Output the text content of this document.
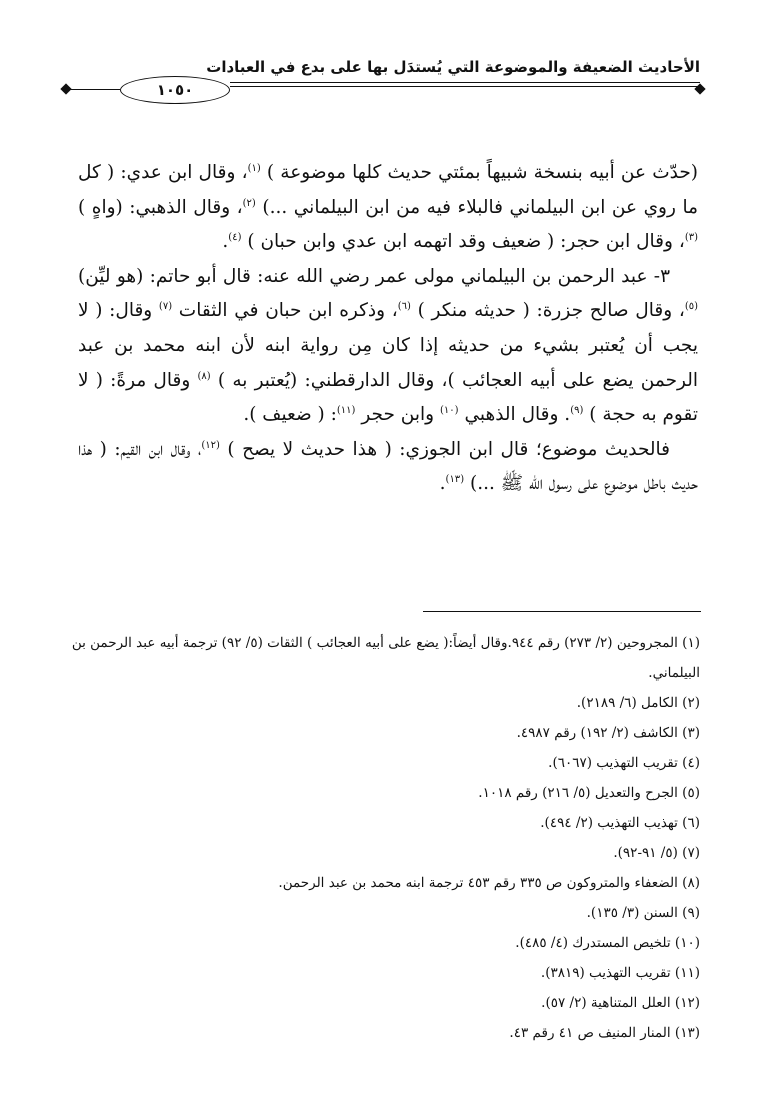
الأحاديث الضعيفة والموضوعة التي يُستدَل بها على بدع في العبادات
١٠٥٠

(حدّث عن أبيه بنسخة شبيهاً بمئتي حديث كلها موضوعة ) $^{(١)}$، وقال ابن عدي: ( كل ما روي عن ابن البيلماني فالبلاء فيه من ابن البيلماني ...) $^{(٢)}$، وقال الذهبي: (واهٍ ) $^{(٣)}$، وقال ابن حجر: ( ضعيف وقد اتهمه ابن عدي وابن حبان ) $^{(٤)}$.

٣- عبد الرحمن بن البيلماني مولى عمر رضي الله عنه: قال أبو حاتم: (هو ليِّن)$^{(٥)}$، وقال صالح جزرة: ( حديثه منكر ) $^{(٦)}$، وذكره ابن حبان في الثقات $^{(٧)}$ وقال: ( لا يجب أن يُعتبر بشيء من حديثه إذا كان مِن رواية ابنه لأن ابنه محمد بن عبد الرحمن يضع على أبيه العجائب )، وقال الدارقطني: (يُعتبر به ) $^{(٨)}$ وقال مرةً: ( لا تقوم به حجة ) $^{(٩)}$. وقال الذهبي $^{(١٠)}$ وابن حجر $^{(١١)}$: ( ضعيف ).

فالحديث موضوع؛ قال ابن الجوزي: ( هذا حديث لا يصح ) $^{(١٢)}$، وقال ابن القيم: ( هذا حديث باطل موضوع على رسول الله ﷺ ...) $^{(١٣)}$.

(١) المجروحين (٢/ ٢٧٣) رقم ٩٤٤.وقال أيضاً:( يضع على أبيه العجائب ) الثقات (٥/ ٩٢) ترجمة أبيه عبد الرحمن بن البيلماني.

(٢) الكامل (٦/ ٢١٨٩).

(٣) الكاشف (٢/ ١٩٢) رقم ٤٩٨٧.

(٤) تقريب التهذيب (٦٠٦٧).

(٥) الجرح والتعديل (٥/ ٢١٦) رقم ١٠١٨.

(٦) تهذيب التهذيب (٢/ ٤٩٤).

(٧) (٥/ ٩١-٩٢).

(٨) الضعفاء والمتروكون ص ٣٣٥ رقم ٤٥٣ ترجمة ابنه محمد بن عبد الرحمن.

(٩) السنن (٣/ ١٣٥).

(١٠) تلخيص المستدرك (٤/ ٤٨٥).

(١١) تقريب التهذيب (٣٨١٩).

(١٢) العلل المتناهية (٢/ ٥٧).

(١٣) المنار المنيف ص ٤١ رقم ٤٣.
